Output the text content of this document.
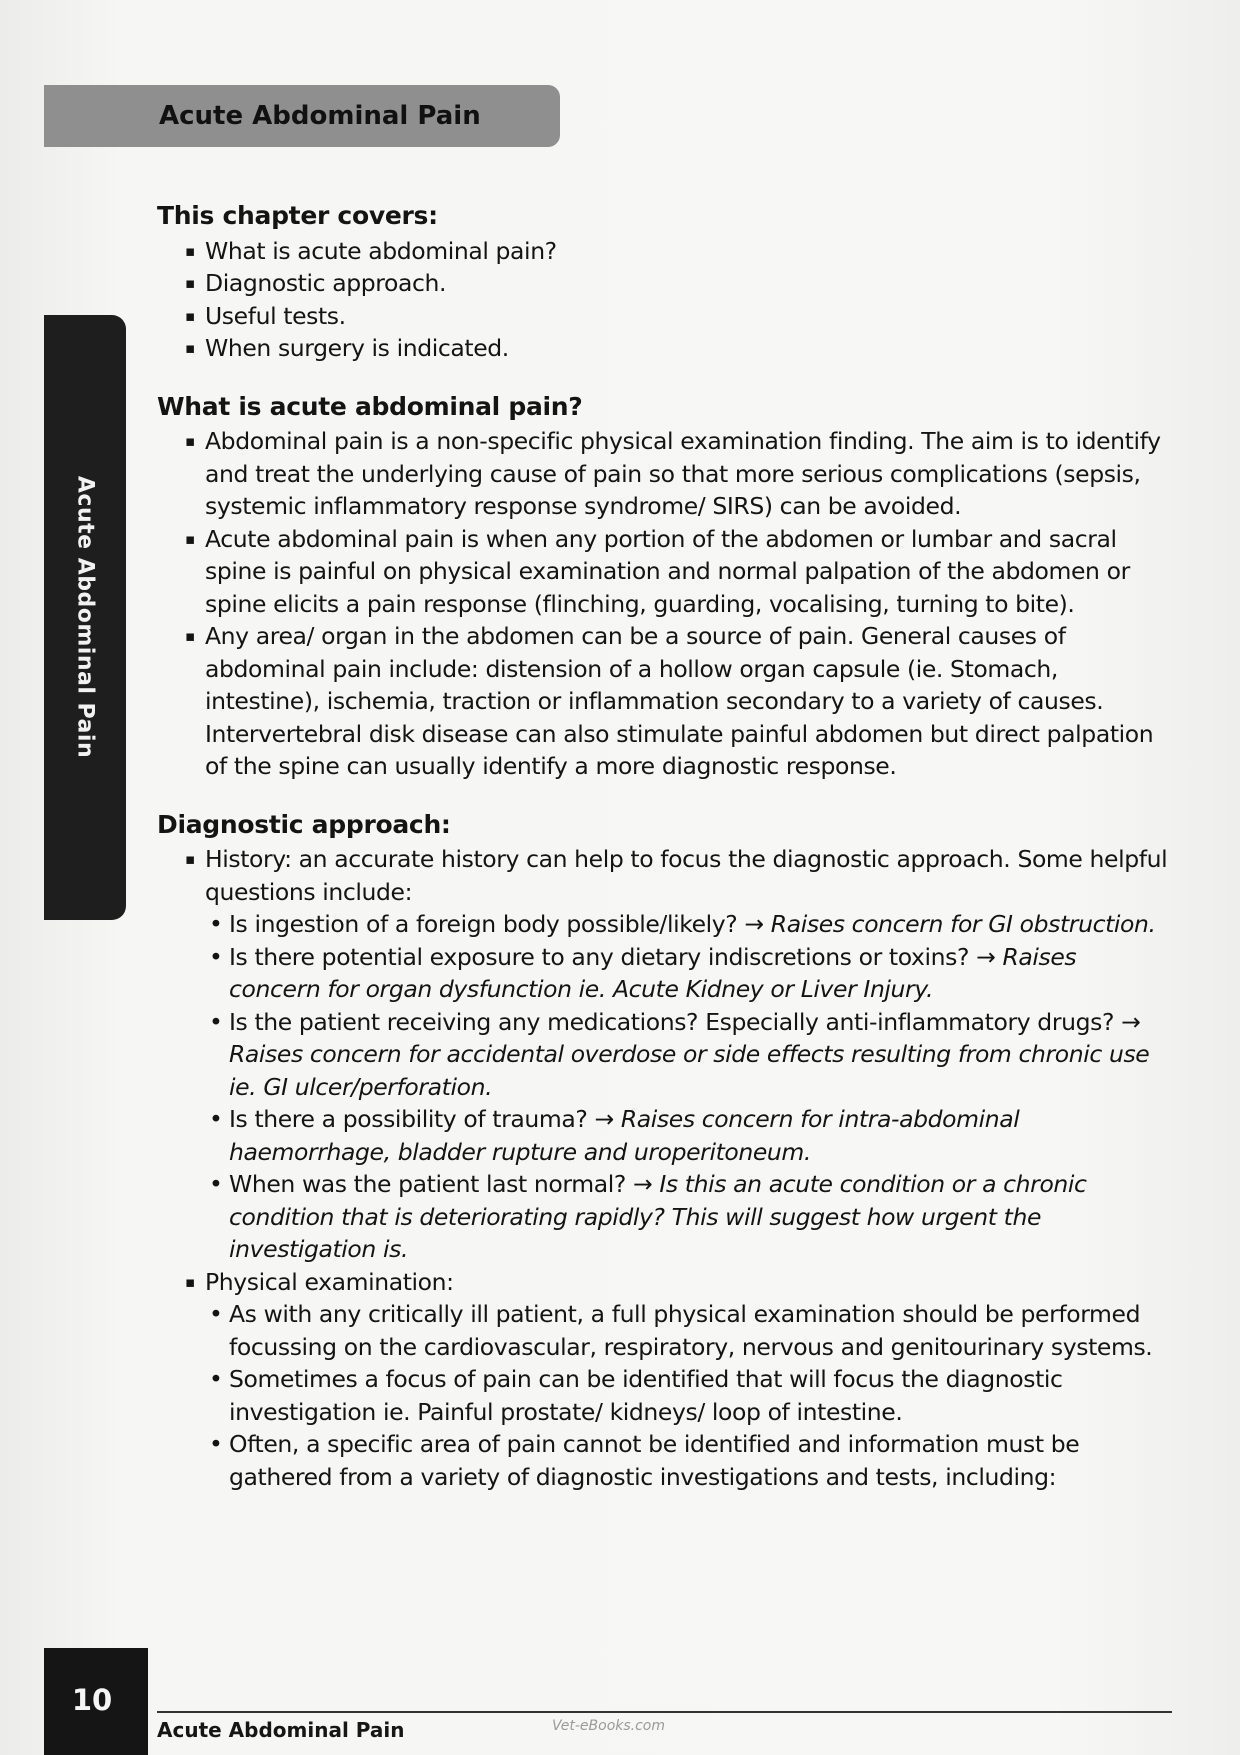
Acute Abdominal Pain
Acute Abdominal Pain
This chapter covers:
▪ What is acute abdominal pain?
▪ Diagnostic approach.
▪ Useful tests.
▪ When surgery is indicated.
What is acute abdominal pain?
▪ Abdominal pain is a non-specific physical examination finding. The aim is to identify and treat the underlying cause of pain so that more serious complications (sepsis, systemic inflammatory response syndrome/ SIRS) can be avoided.
▪ Acute abdominal pain is when any portion of the abdomen or lumbar and sacral spine is painful on physical examination and normal palpation of the abdomen or spine elicits a pain response (flinching, guarding, vocalising, turning to bite).
▪ Any area/ organ in the abdomen can be a source of pain. General causes of abdominal pain include: distension of a hollow organ capsule (ie. Stomach, intestine), ischemia, traction or inflammation secondary to a variety of causes. Intervertebral disk disease can also stimulate painful abdomen but direct palpation of the spine can usually identify a more diagnostic response.
Diagnostic approach:
▪ History: an accurate history can help to focus the diagnostic approach. Some helpful questions include:
• Is ingestion of a foreign body possible/likely? → Raises concern for GI obstruction.
• Is there potential exposure to any dietary indiscretions or toxins? → Raises concern for organ dysfunction ie. Acute Kidney or Liver Injury.
• Is the patient receiving any medications? Especially anti-inflammatory drugs? → Raises concern for accidental overdose or side effects resulting from chronic use ie. GI ulcer/perforation.
• Is there a possibility of trauma? → Raises concern for intra-abdominal haemorrhage, bladder rupture and uroperitoneum.
• When was the patient last normal? → Is this an acute condition or a chronic condition that is deteriorating rapidly? This will suggest how urgent the investigation is.
▪ Physical examination:
• As with any critically ill patient, a full physical examination should be performed focussing on the cardiovascular, respiratory, nervous and genitourinary systems.
• Sometimes a focus of pain can be identified that will focus the diagnostic investigation ie. Painful prostate/ kidneys/ loop of intestine.
• Often, a specific area of pain cannot be identified and information must be gathered from a variety of diagnostic investigations and tests, including:
10
Acute Abdominal Pain	Vet-eBooks.com
